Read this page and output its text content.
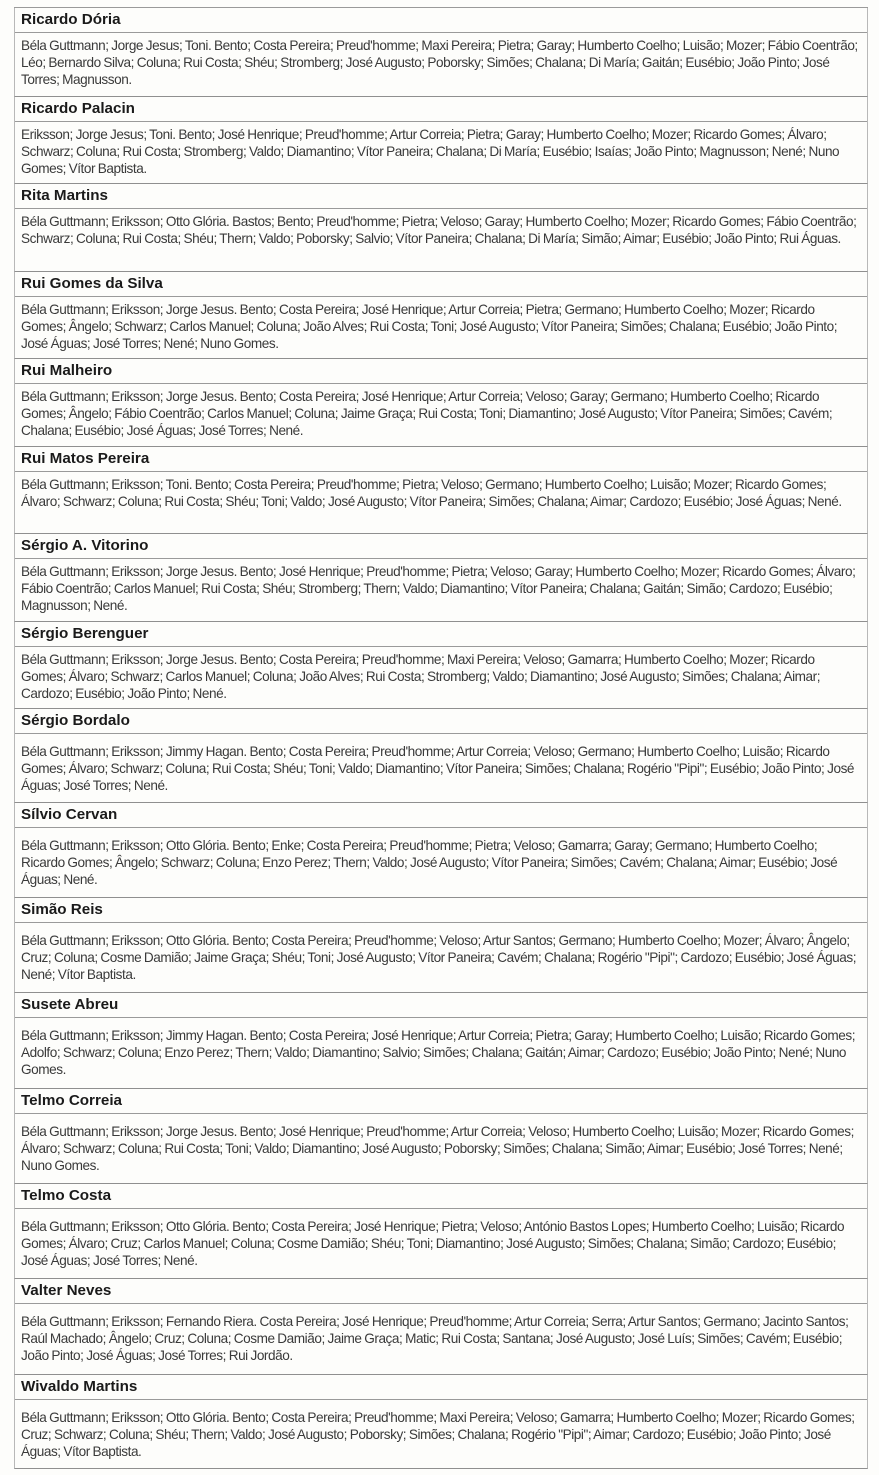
Ricardo Dória
Béla Guttmann; Jorge Jesus; Toni. Bento; Costa Pereira; Preud'homme; Maxi Pereira; Pietra; Garay; Humberto Coelho; Luisão; Mozer; Fábio Coentrão; Léo; Bernardo Silva; Coluna; Rui Costa; Shéu; Stromberg; José Augusto; Poborsky; Simões; Chalana; Di María; Gaitán; Eusébio; João Pinto; José Torres; Magnusson.
Ricardo Palacin
Eriksson; Jorge Jesus; Toni. Bento; José Henrique; Preud'homme; Artur Correia; Pietra; Garay; Humberto Coelho; Mozer; Ricardo Gomes; Álvaro; Schwarz; Coluna; Rui Costa; Stromberg; Valdo; Diamantino; Vítor Paneira; Chalana; Di María; Eusébio; Isaías; João Pinto; Magnusson; Nené; Nuno Gomes; Vítor Baptista.
Rita Martins
Béla Guttmann; Eriksson; Otto Glória. Bastos; Bento; Preud'homme; Pietra; Veloso; Garay; Humberto Coelho; Mozer; Ricardo Gomes; Fábio Coentrão; Schwarz; Coluna; Rui Costa; Shéu; Thern; Valdo; Poborsky; Salvio; Vítor Paneira; Chalana; Di María; Simão; Aimar; Eusébio; João Pinto; Rui Águas.
Rui Gomes da Silva
Béla Guttmann; Eriksson; Jorge Jesus. Bento; Costa Pereira; José Henrique; Artur Correia; Pietra; Germano; Humberto Coelho; Mozer; Ricardo Gomes; Ângelo; Schwarz; Carlos Manuel; Coluna; João Alves; Rui Costa; Toni; José Augusto; Vítor Paneira; Simões; Chalana; Eusébio; João Pinto; José Águas; José Torres; Nené; Nuno Gomes.
Rui Malheiro
Béla Guttmann; Eriksson; Jorge Jesus. Bento; Costa Pereira; José Henrique; Artur Correia; Veloso; Garay; Germano; Humberto Coelho; Ricardo Gomes; Ângelo; Fábio Coentrão; Carlos Manuel; Coluna; Jaime Graça; Rui Costa; Toni; Diamantino; José Augusto; Vítor Paneira; Simões; Cavém; Chalana; Eusébio; José Águas; José Torres; Nené.
Rui Matos Pereira
Béla Guttmann; Eriksson; Toni. Bento; Costa Pereira; Preud'homme; Pietra; Veloso; Germano; Humberto Coelho; Luisão; Mozer; Ricardo Gomes; Álvaro; Schwarz; Coluna; Rui Costa; Shéu; Toni; Valdo; José Augusto; Vítor Paneira; Simões; Chalana; Aimar; Cardozo; Eusébio; José Águas; Nené.
Sérgio A. Vitorino
Béla Guttmann; Eriksson; Jorge Jesus. Bento; José Henrique; Preud'homme; Pietra; Veloso; Garay; Humberto Coelho; Mozer; Ricardo Gomes; Álvaro; Fábio Coentrão; Carlos Manuel; Rui Costa; Shéu; Stromberg; Thern; Valdo; Diamantino; Vítor Paneira; Chalana; Gaitán; Simão; Cardozo; Eusébio; Magnusson; Nené.
Sérgio Berenguer
Béla Guttmann; Eriksson; Jorge Jesus. Bento; Costa Pereira; Preud'homme; Maxi Pereira; Veloso; Gamarra; Humberto Coelho; Mozer; Ricardo Gomes; Álvaro; Schwarz; Carlos Manuel; Coluna; João Alves; Rui Costa; Stromberg; Valdo; Diamantino; José Augusto; Simões; Chalana; Aimar; Cardozo; Eusébio; João Pinto; Nené.
Sérgio Bordalo
Béla Guttmann; Eriksson; Jimmy Hagan. Bento; Costa Pereira; Preud'homme; Artur Correia; Veloso; Germano; Humberto Coelho; Luisão; Ricardo Gomes; Álvaro; Schwarz; Coluna; Rui Costa; Shéu; Toni; Valdo; Diamantino; Vítor Paneira; Simões; Chalana; Rogério "Pipi"; Eusébio; João Pinto; José Águas; José Torres; Nené.
Sílvio Cervan
Béla Guttmann; Eriksson; Otto Glória. Bento; Enke; Costa Pereira; Preud'homme; Pietra; Veloso; Gamarra; Garay; Germano; Humberto Coelho; Ricardo Gomes; Ângelo; Schwarz; Coluna; Enzo Perez; Thern; Valdo; José Augusto; Vítor Paneira; Simões; Cavém; Chalana; Aimar; Eusébio; José Águas; Nené.
Simão Reis
Béla Guttmann; Eriksson; Otto Glória. Bento; Costa Pereira; Preud'homme; Veloso; Artur Santos; Germano; Humberto Coelho; Mozer; Álvaro; Ângelo; Cruz; Coluna; Cosme Damião; Jaime Graça; Shéu; Toni; José Augusto; Vítor Paneira; Cavém; Chalana; Rogério "Pipi"; Cardozo; Eusébio; José Águas; Nené; Vítor Baptista.
Susete Abreu
Béla Guttmann; Eriksson; Jimmy Hagan. Bento; Costa Pereira; José Henrique; Artur Correia; Pietra; Garay; Humberto Coelho; Luisão; Ricardo Gomes; Adolfo; Schwarz; Coluna; Enzo Perez; Thern; Valdo; Diamantino; Salvio; Simões; Chalana; Gaitán; Aimar; Cardozo; Eusébio; João Pinto; Nené; Nuno Gomes.
Telmo Correia
Béla Guttmann; Eriksson; Jorge Jesus. Bento; José Henrique; Preud'homme; Artur Correia; Veloso; Humberto Coelho; Luisão; Mozer; Ricardo Gomes; Álvaro; Schwarz; Coluna; Rui Costa; Toni; Valdo; Diamantino; José Augusto; Poborsky; Simões; Chalana; Simão; Aimar; Eusébio; José Torres; Nené; Nuno Gomes.
Telmo Costa
Béla Guttmann; Eriksson; Otto Glória. Bento; Costa Pereira; José Henrique; Pietra; Veloso; António Bastos Lopes; Humberto Coelho; Luisão; Ricardo Gomes; Álvaro; Cruz; Carlos Manuel; Coluna; Cosme Damião; Shéu; Toni; Diamantino; José Augusto; Simões; Chalana; Simão; Cardozo; Eusébio; José Águas; José Torres; Nené.
Valter Neves
Béla Guttmann; Eriksson; Fernando Riera. Costa Pereira; José Henrique; Preud'homme; Artur Correia; Serra; Artur Santos; Germano; Jacinto Santos; Raúl Machado; Ângelo; Cruz; Coluna; Cosme Damião; Jaime Graça; Matic; Rui Costa; Santana; José Augusto; José Luís; Simões; Cavém; Eusébio; João Pinto; José Águas; José Torres; Rui Jordão.
Wivaldo Martins
Béla Guttmann; Eriksson; Otto Glória. Bento; Costa Pereira; Preud'homme; Maxi Pereira; Veloso; Gamarra; Humberto Coelho; Mozer; Ricardo Gomes; Cruz; Schwarz; Coluna; Shéu; Thern; Valdo; José Augusto; Poborsky; Simões; Chalana; Rogério "Pipi"; Aimar; Cardozo; Eusébio; João Pinto; José Águas; Vítor Baptista.
